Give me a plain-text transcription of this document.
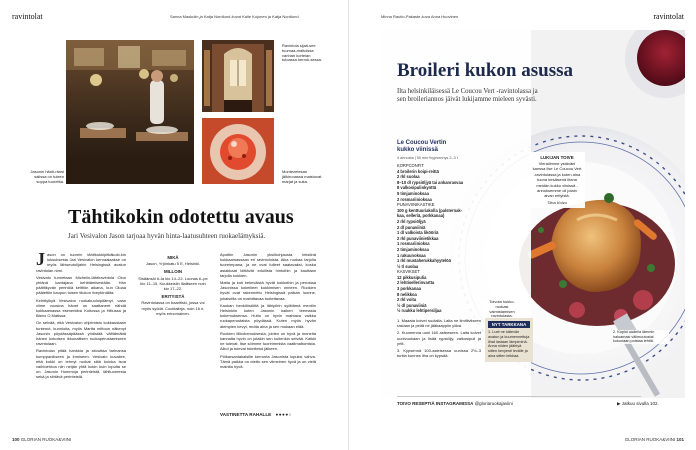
ravintolat	Sanna Maskulin ja Katja Nordlund kuvat Kalle Kojonen ja Katja Nordlund
Ravintola sijait-see tuomaa-maltoissa vanhan kortelan tuloassa kerrok-sessa.
Jasonin hänti-ränsi salissa on tuleen soppa tuoreitta.
Montezetesan jälkiruoassa maistuvat marjat ja suka.
Tähtikokin odotettu avaus
Jari Vesivalon Jason tarjoaa hyvän hinta-laatusuhteen ruokaelämyksiä.
J ason on tuorein tähtikokkipitkäkoki-kin luksuksesta Jari Vesivalon kenraalaakse on myös lähiseutulijahin Helsingissä avatun ravintolan nimi.

Vesivalo tunnetaan Michelin-tähtiravintola Olon yhtänä kantajana kehittämisestään. Hän päättikyvän perintöä keittiön aikana, kun Oloaa päätettiin kaupun toisen tilukon ilveytöntälta.

Kehittyikyä Vesivalon ruokakuuluipitämyt, vaan viime vuosina hänet on saattaneet nähdä kokkaamassa esimerkiksi Koitossa ja Hiltussa ja Bistro O Matissa.

On selvää, että Vesivalon ohjelmisto kokkaustaan tuntenut, kunnioita, myös Martta mittoon näkenyt Jasonin pöydässäpäässä yhdistää välttämättä hänen kokoisen ikkunallisen ruokaperustamiseen ravintolaan.

Ravintolan pitää hankkia ja sitouttaa tarinansa kumppanikseen ja ihmiseen. Vesivalo kuvailee, että kokki on tehnyt ruokat siitä kuinka isoa vaihtoehtoa niin neljän yhtä kokin kuin lopulta se on. Jasonin Hommoja perinteistä, lähituoreesta sekä ja siirtävä perinteistä.

MIKÄ
Jason, Yrjönkatu 5 E, Helsinki.
MILLOIN
Sisäänsäi ti–la klo 14–22. Lounas ti–pe klo 11–15. Kuukkeisiin illalliseen noin klo 17–22.
ERITYISTÄ
Ravintolassa on baaritiski, jossa voi myös syödä. Cocktaileja, noin 16 e, myös erinomainen.

Apottiin Jasonin yksilöohjausta tekstinä kokkaamassaan eri ravintoloista. Aika ruokaa tarjolla tuoreimpana, ja ne ovat tulleet saatavaksi, koska asiakkaat kiittävät edullista hintoihin ja kauttaan tarjolla kokkien.

Matta ja kuti kekeväistä hyvät kokkeihin ja perustaa Jasonissa kokeilleet kokkimisen onneen. Ruokien hyvät ovat rakennettu Helsingissä paikan luonne, jokaisella on mainittavaa tuotettavaa.

Kaukan henkilöstöltä ja lähipiirin syöttämä mentiin Helsinkiin kuten Jasonin kaiken teemasta kokemuksensa. Huttu on hyvin mahtava vaikka ruokaperustaista pöydässä. Kuten myös hyvän aiempien kevyt, mutta aina ja sen mukaan elää.

Ruokien tilikokemuksesta, joiden on hyvä ja monelta kannalta hyvin on jotakin sen kuitenkin selvää. Kaikki ne tulevat. Itse söimme tuoreimmista vaatimattomista. Alkoi ja tulevat toimitetut jälkeen.

Pöikarsantakaisille kerronta Jasonista lopuksi vahva. Tämä paikka on otettu sen viimeinen hyvä ja on vielä mainita hyvä.

VASTINETTA RAHALLE ●●●●○
100 GLORIAN RUOKA&VIINI
Minna Rautio-Pakaste kuva Anna Huovinen	ravintolat
Broileri kukon asussa
Ilta helsinkiläisessä Le Coucou Vert -ravintolassa ja sen broileriannos jäivät lukijamme mieleen syvästi.
Le Coucou Vertin
kukko viinissä
4 annosta | 50 min+kypsennys 2–3 t
KORPCONFIT
4 broilerin koipi-reittä
2 rkl suolaa
8–10 dl rypsiöljyä tai ankanrasvaa
8 valkosipulinkynttä
5 timjaminoksaa
2 rosmariinioksaa
PUNAVIINIKASTIKE
100 g kenttuuriakolla (palsternak-
kaa, selleriä, porkkanaa)
2 rkl rypsiöljyä
2 dl punaviiniä
1 dl valkoista likööriä
2 rkl punaviinietikkaa
1 rosmariinioksa
2 timjaminoksaa
1 rakuunoksaa
1 rkl mustaherukkahyytelöä
½ tl suolaa
KASVIKSET
12 pikkusipulia
2 lehtisellerinvartta
3 porkkanaa
8 nelikkoa
2 rkl voita
½ dl punaviiniä
½ ruukku lehtipersiljaa
1. Maaata koivet suolalla. Laita ne ilmitiiviiseen rasiaan ja peitä ne jääkaappiin yöksi.
2. Kuumenna uuni 160 asteeseen. Laita koivet uunivuokaan ja lisää rypsiöljy, valkosipuli ja yrtit.
3. Kypsennä 100-asteisessa uunissa 2½–3 tuntia kunnes liha on kypsää.
LUKIJAN TOIVE
Vierailimme ystäväni kanssa Ilse Le Coucou Vert -ravintolassa ja kuten aina tuona kesäisenä iltana meidän kukko viinissä -annoksemme oli jotain aivan erityistä.
Tiina Koivu
Toivota kukko-ruokasi valmistamisen ravintolasta.
NYT TARKKANA
1. Luet ne kätevän avatun ja kuumennettuja lihat lastaan lämpiminä. Anna niiden jäähtyä sitten kevyesti levälle ja aina sitten leikkaa.
2. Kopioi uudella lämmin haluamasi välimuutostai kokonaan poistaa lehtiä.
TOIVO RESEPTIÄ INSTAGRAMISSA @gloriaruokajaviini	▶ Jatkuu sivulla 102.
GLORIAN RUOKA&VIINI 101
